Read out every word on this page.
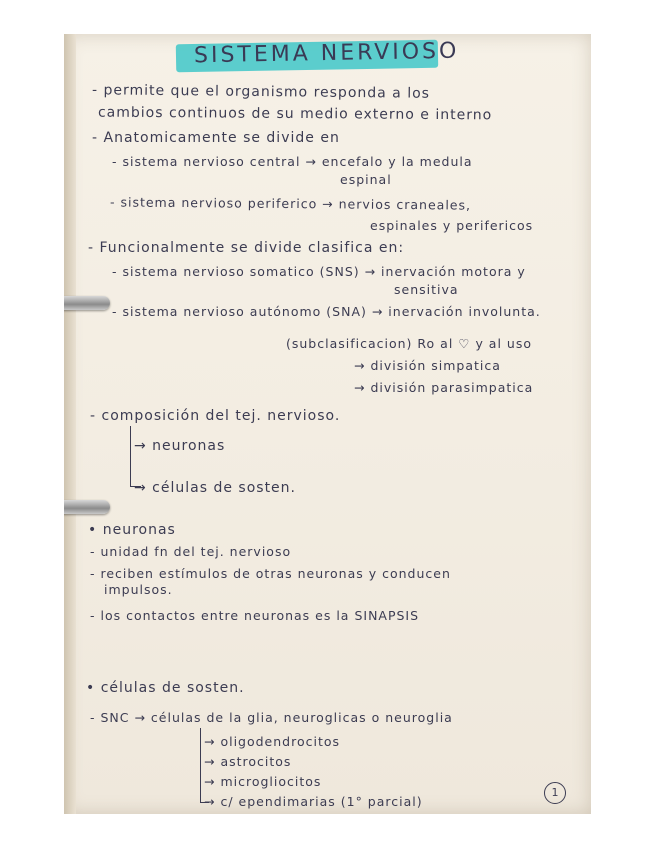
SISTEMA NERVIOSO
- permite que el organismo responda a los
cambios continuos de su medio externo e interno
- Anatomicamente se divide en
- sistema nervioso central → encefalo y la medula
espinal
- sistema nervioso periferico → nervios craneales,
espinales y perifericos
- Funcionalmente se divide clasifica en:
- sistema nervioso somatico (SNS) → inervación motora y
sensitiva
- sistema nervioso autónomo (SNA) → inervación involunta.
(subclasificacion) Ro al ♡ y al uso
→ división simpatica
→ división parasimpatica
- composición del tej. nervioso.
→ neuronas
→ células de sosten.
• neuronas
- unidad fn del tej. nervioso
- reciben estímulos de otras neuronas y conducen
impulsos.
- los contactos entre neuronas es la SINAPSIS
• células de sosten.
- SNC → células de la glia, neuroglicas o neuroglia
→ oligodendrocitos
→ astrocitos
→ microgliocitos
→ c/ ependimarias (1° parcial)
1
